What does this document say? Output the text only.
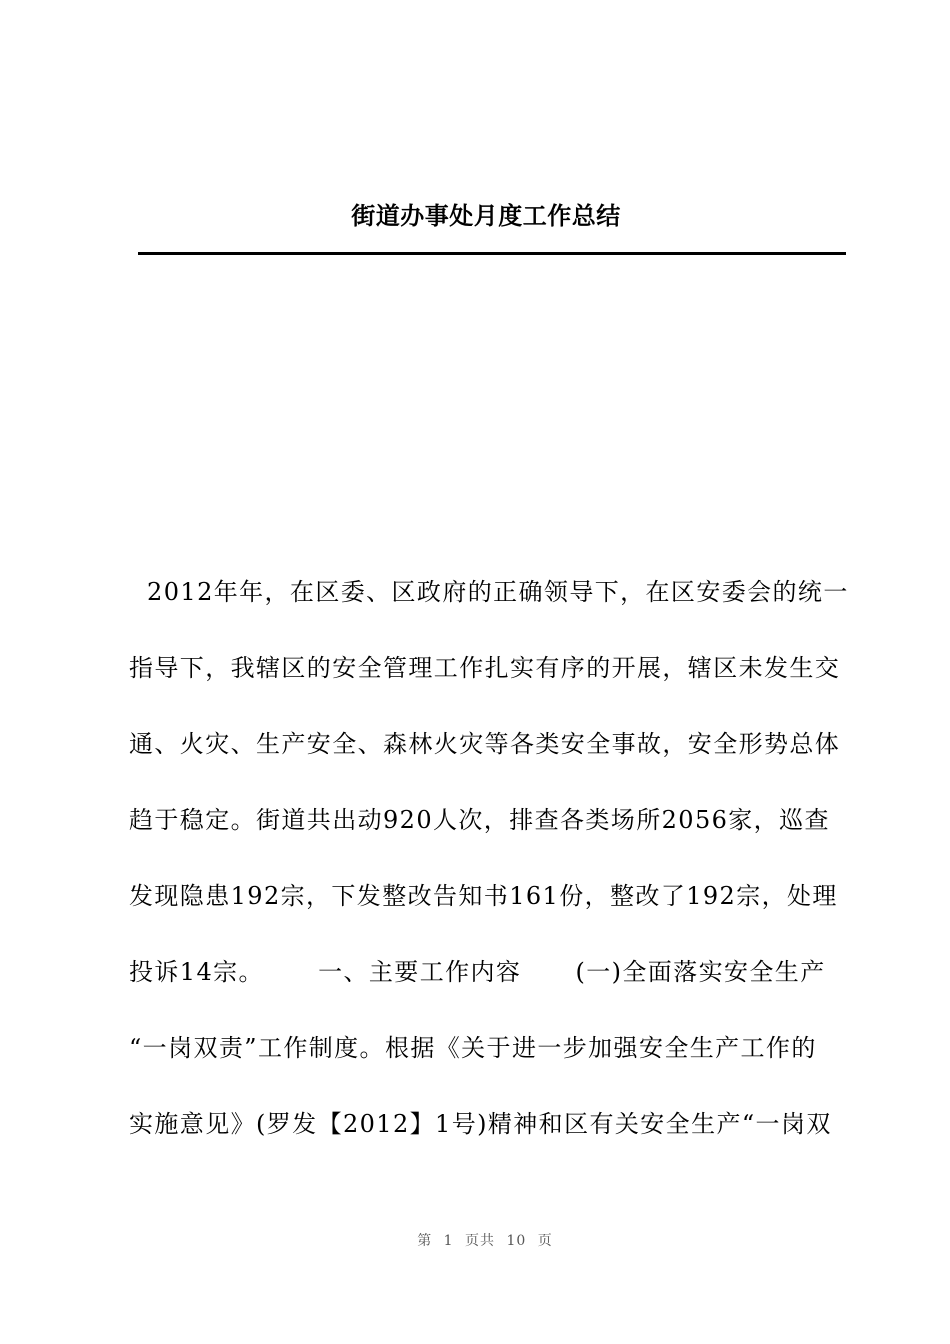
街道办事处月度工作总结
2012年年，在区委、区政府的正确领导下，在区安委会的统一
指导下，我辖区的安全管理工作扎实有序的开展，辖区未发生交
通、火灾、生产安全、森林火灾等各类安全事故，安全形势总体
趋于稳定。街道共出动920人次，排查各类场所2056家，巡查
发现隐患192宗，下发整改告知书161份，整改了192宗，处理
投诉14宗。      一、主要工作内容      (一)全面落实安全生产
“一岗双责”工作制度。根据《关于进一步加强安全生产工作的
实施意见》(罗发【2012】1号)精神和区有关安全生产“一岗双
第 1 页共 10 页
